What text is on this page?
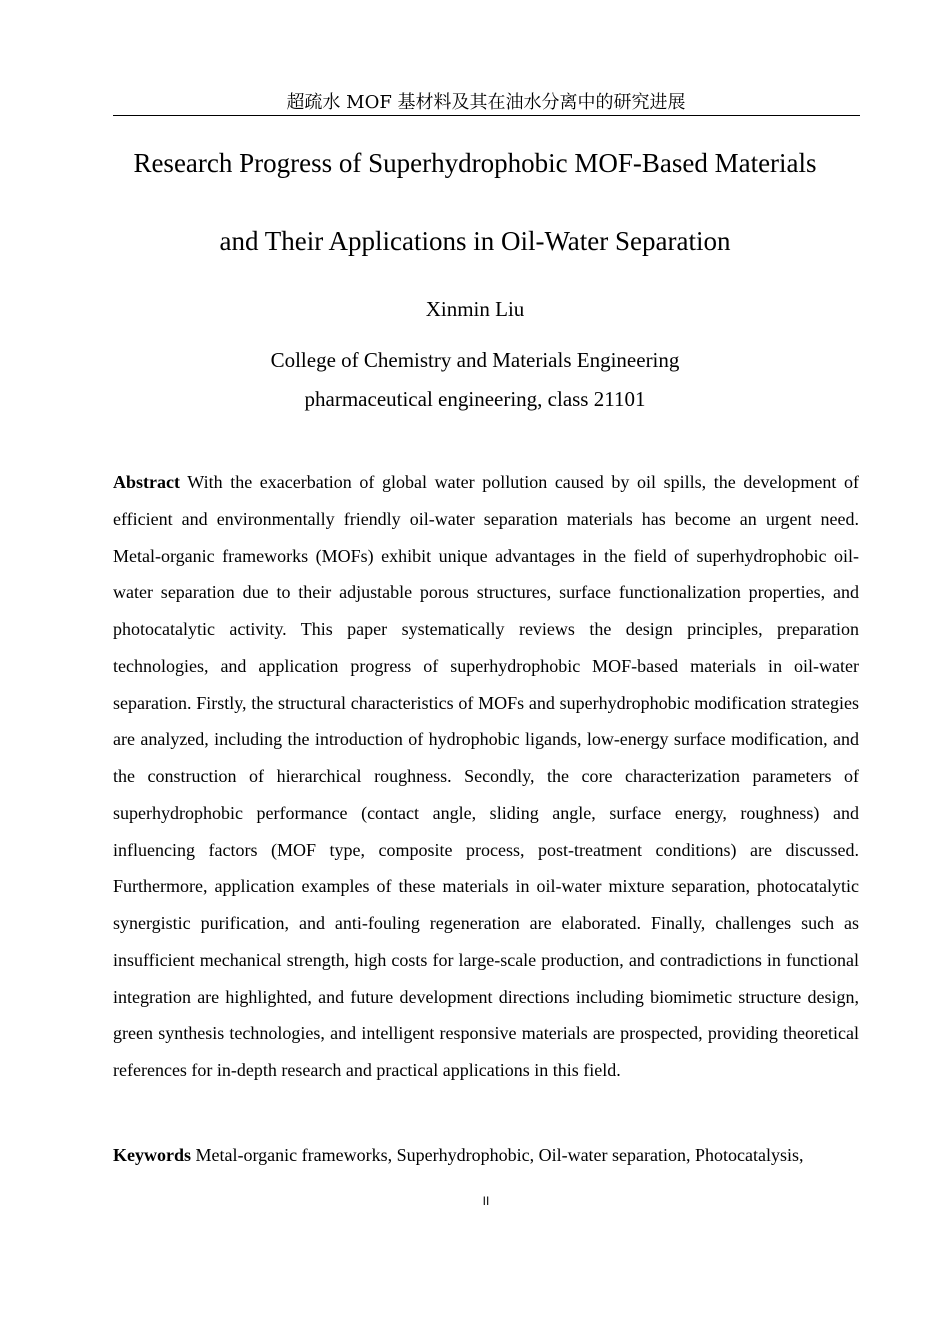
超疏水 MOF 基材料及其在油水分离中的研究进展
Research Progress of Superhydrophobic MOF-Based Materials
and Their Applications in Oil-Water Separation
Xinmin Liu
College of Chemistry and Materials Engineering
pharmaceutical engineering, class 21101

Abstract With the exacerbation of global water pollution caused by oil spills, the development of efficient and environmentally friendly oil-water separation materials has become an urgent need. Metal-organic frameworks (MOFs) exhibit unique advantages in the field of superhydrophobic oil-water separation due to their adjustable porous structures, surface functionalization properties, and photocatalytic activity. This paper systematically reviews the design principles, preparation technologies, and application progress of superhydrophobic MOF-based materials in oil-water separation. Firstly, the structural characteristics of MOFs and superhydrophobic modification strategies are analyzed, including the introduction of hydrophobic ligands, low-energy surface modification, and the construction of hierarchical roughness. Secondly, the core characterization parameters of superhydrophobic performance (contact angle, sliding angle, surface energy, roughness) and influencing factors (MOF type, composite process, post-treatment conditions) are discussed. Furthermore, application examples of these materials in oil-water mixture separation, photocatalytic synergistic purification, and anti-fouling regeneration are elaborated. Finally, challenges such as insufficient mechanical strength, high costs for large-scale production, and contradictions in functional integration are highlighted, and future development directions including biomimetic structure design, green synthesis technologies, and intelligent responsive materials are prospected, providing theoretical references for in-depth research and practical applications in this field.

Keywords Metal-organic frameworks, Superhydrophobic, Oil-water separation, Photocatalysis,

II
